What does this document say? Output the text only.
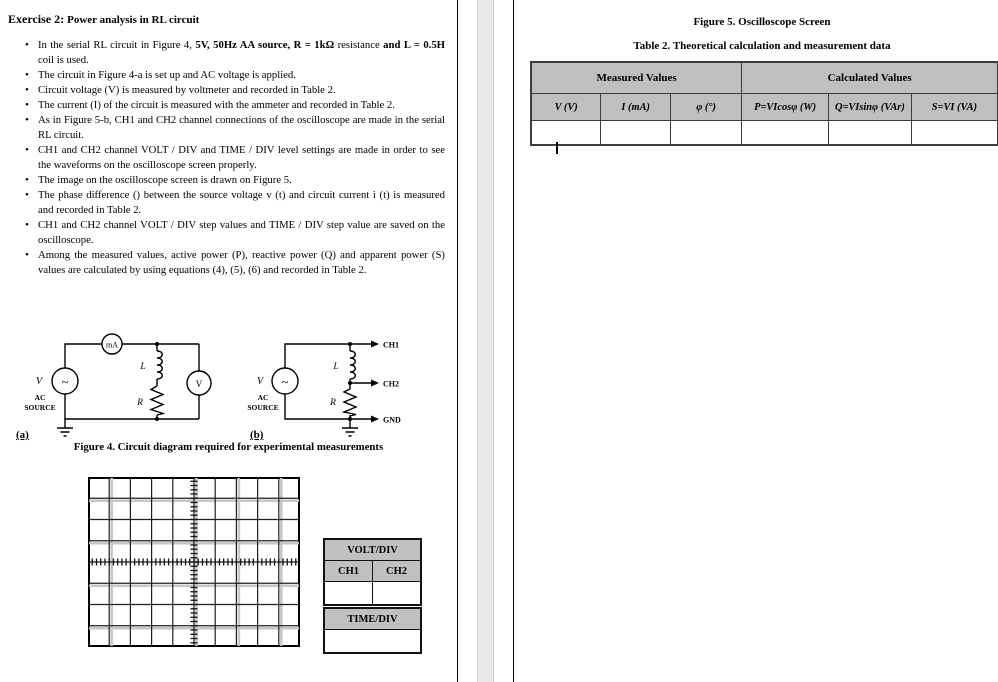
Exercise 2: Power analysis in RL circuit
• In the serial RL circuit in Figure 4, 5V, 50Hz AA source, R = 1kΩ resistance and L = 0.5H coil is used.
• The circuit in Figure 4-a is set up and AC voltage is applied.
• Circuit voltage (V) is measured by voltmeter and recorded in Table 2.
• The current (I) of the circuit is measured with the ammeter and recorded in Table 2.
• As in Figure 5-b, CH1 and CH2 channel connections of the oscilloscope are made in the serial RL circuit.
• CH1 and CH2 channel VOLT / DIV and TIME / DIV level settings are made in order to see the waveforms on the oscilloscope screen properly.
• The image on the oscilloscope screen is drawn on Figure 5.
• The phase difference () between the source voltage v (t) and circuit current i (t) is measured and recorded in Table 2.
• CH1 and CH2 channel VOLT / DIV step values and TIME / DIV step value are saved on the oscilloscope.
• Among the measured values, active power (P), reactive power (Q) and apparent power (S) values are calculated by using equations (4), (5), (6) and recorded in Table 2.
~
V
AC
SOURCE
mA
L
R
V
(a)
~
V
AC
SOURCE
L
R
CH1
CH2
GND
(b)
Figure 4. Circuit diagram required for experimental measurements
VOLT/DIV	
CH1	CH2

TIME/DIV

Figure 5. Oscilloscope Screen
Table 2. Theoretical calculation and measurement data
Measured Values			Calculated Values		
V (V)	I (mA)	φ (°)	P=VIcosφ (W)	Q=VIsinφ (VAr)	S=VI (VA)
